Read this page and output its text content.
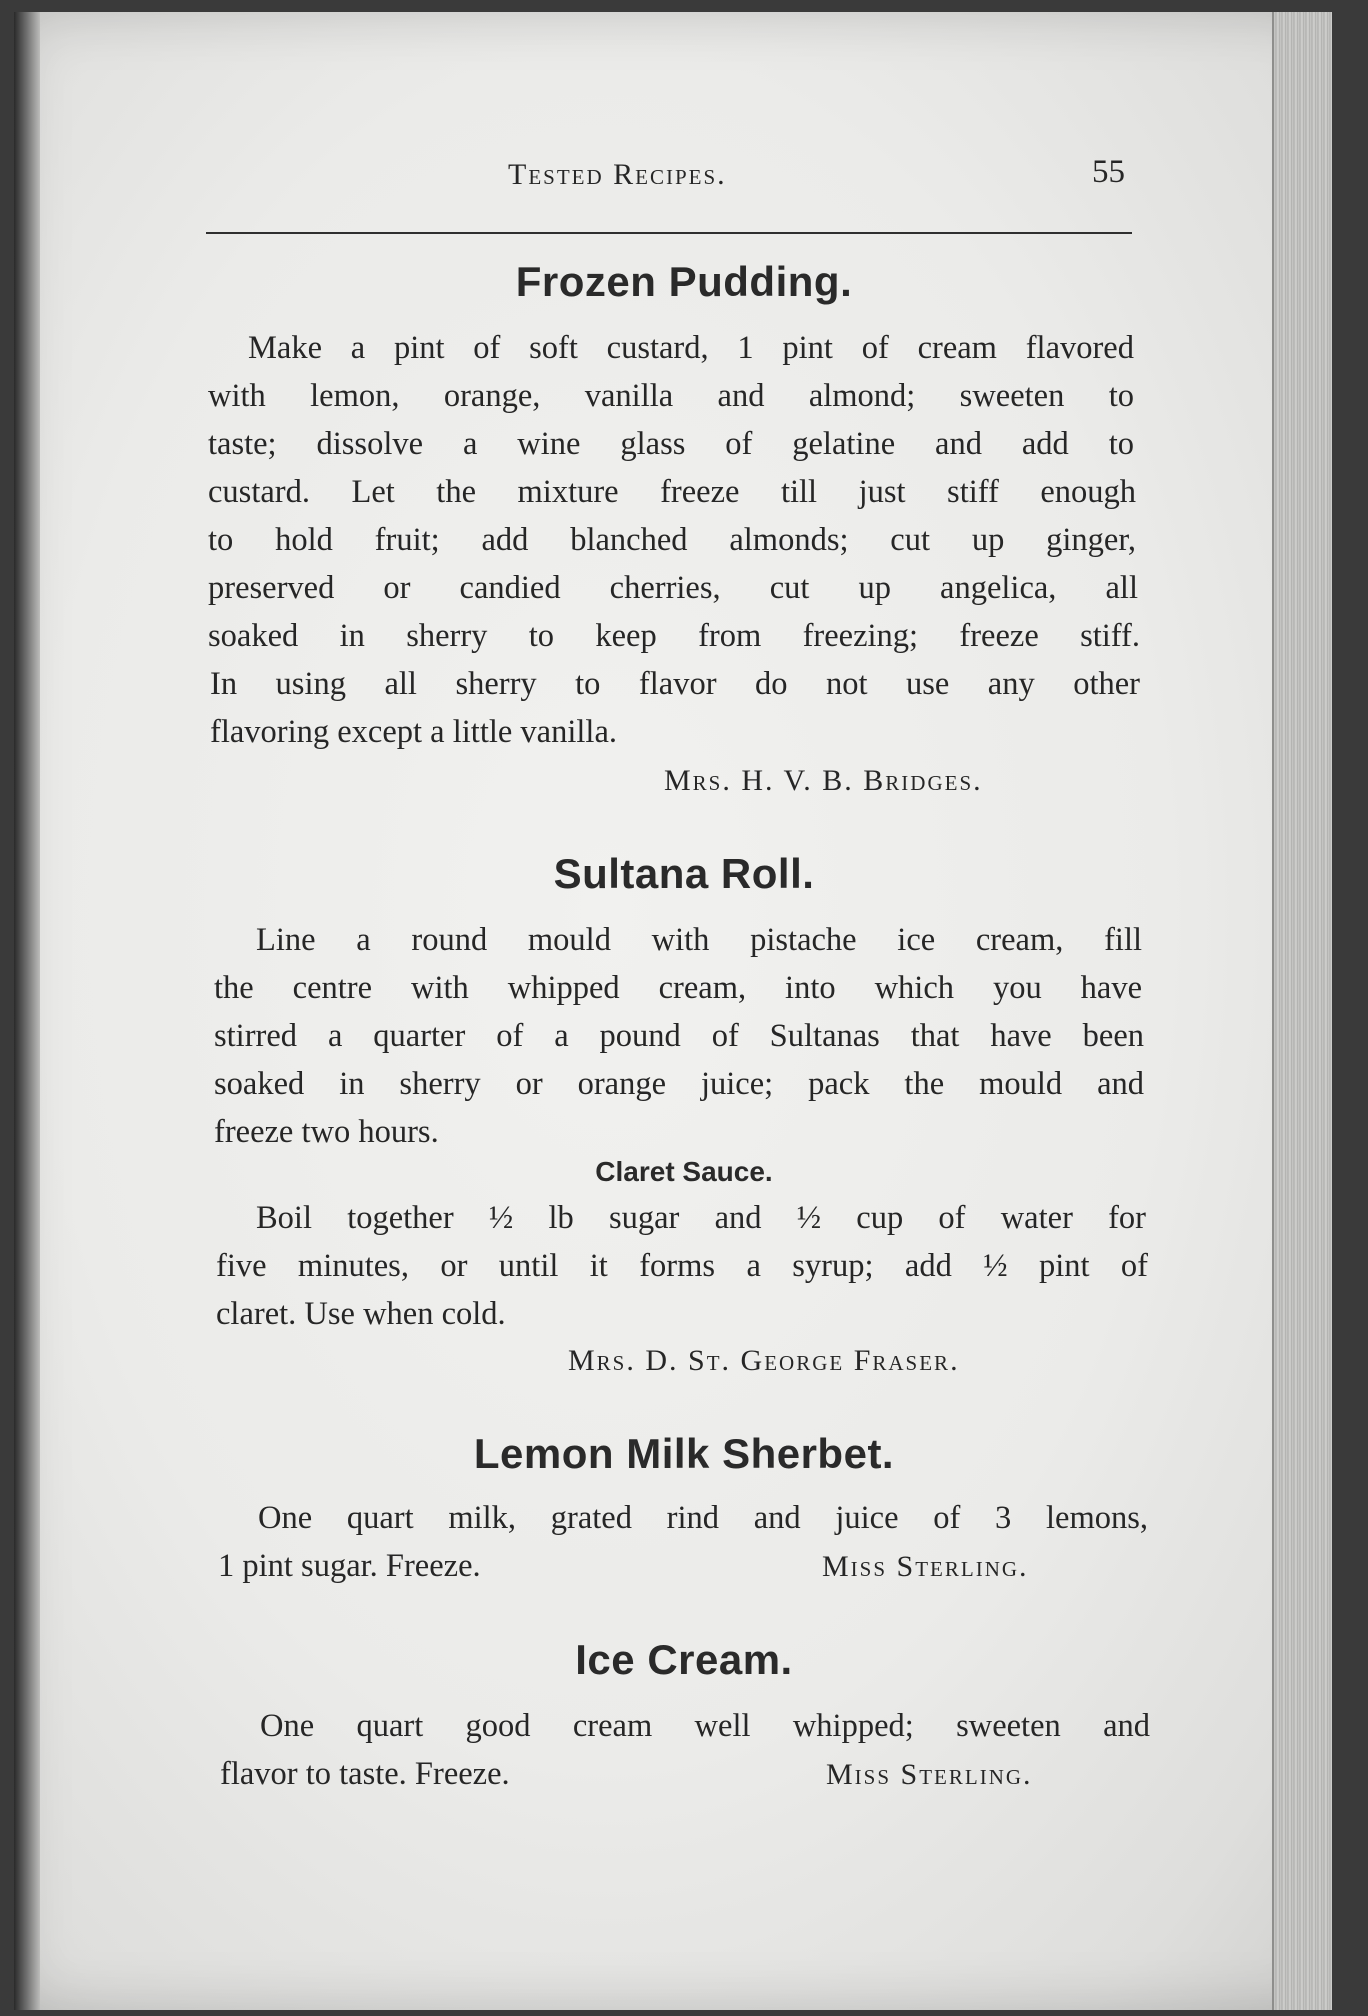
Tested Recipes.	55
Frozen Pudding.
Make a pint of soft custard, 1 pint of cream flavored
with lemon, orange, vanilla and almond; sweeten to
taste; dissolve a wine glass of gelatine and add to
custard. Let the mixture freeze till just stiff enough
to hold fruit; add blanched almonds; cut up ginger,
preserved or candied cherries, cut up angelica, all
soaked in sherry to keep from freezing; freeze stiff.
In using all sherry to flavor do not use any other
flavoring except a little vanilla.
Mrs. H. V. B. Bridges.
Sultana Roll.
Line a round mould with pistache ice cream, fill
the centre with whipped cream, into which you have
stirred a quarter of a pound of Sultanas that have been
soaked in sherry or orange juice; pack the mould and
freeze two hours.
Claret Sauce.
Boil together ½ lb sugar and ½ cup of water for
five minutes, or until it forms a syrup; add ½ pint of
claret. Use when cold.
Mrs. D. St. George Fraser.
Lemon Milk Sherbet.
One quart milk, grated rind and juice of 3 lemons,
1 pint sugar. Freeze.	Miss Sterling.
Ice Cream.
One quart good cream well whipped; sweeten and
flavor to taste. Freeze.	Miss Sterling.
